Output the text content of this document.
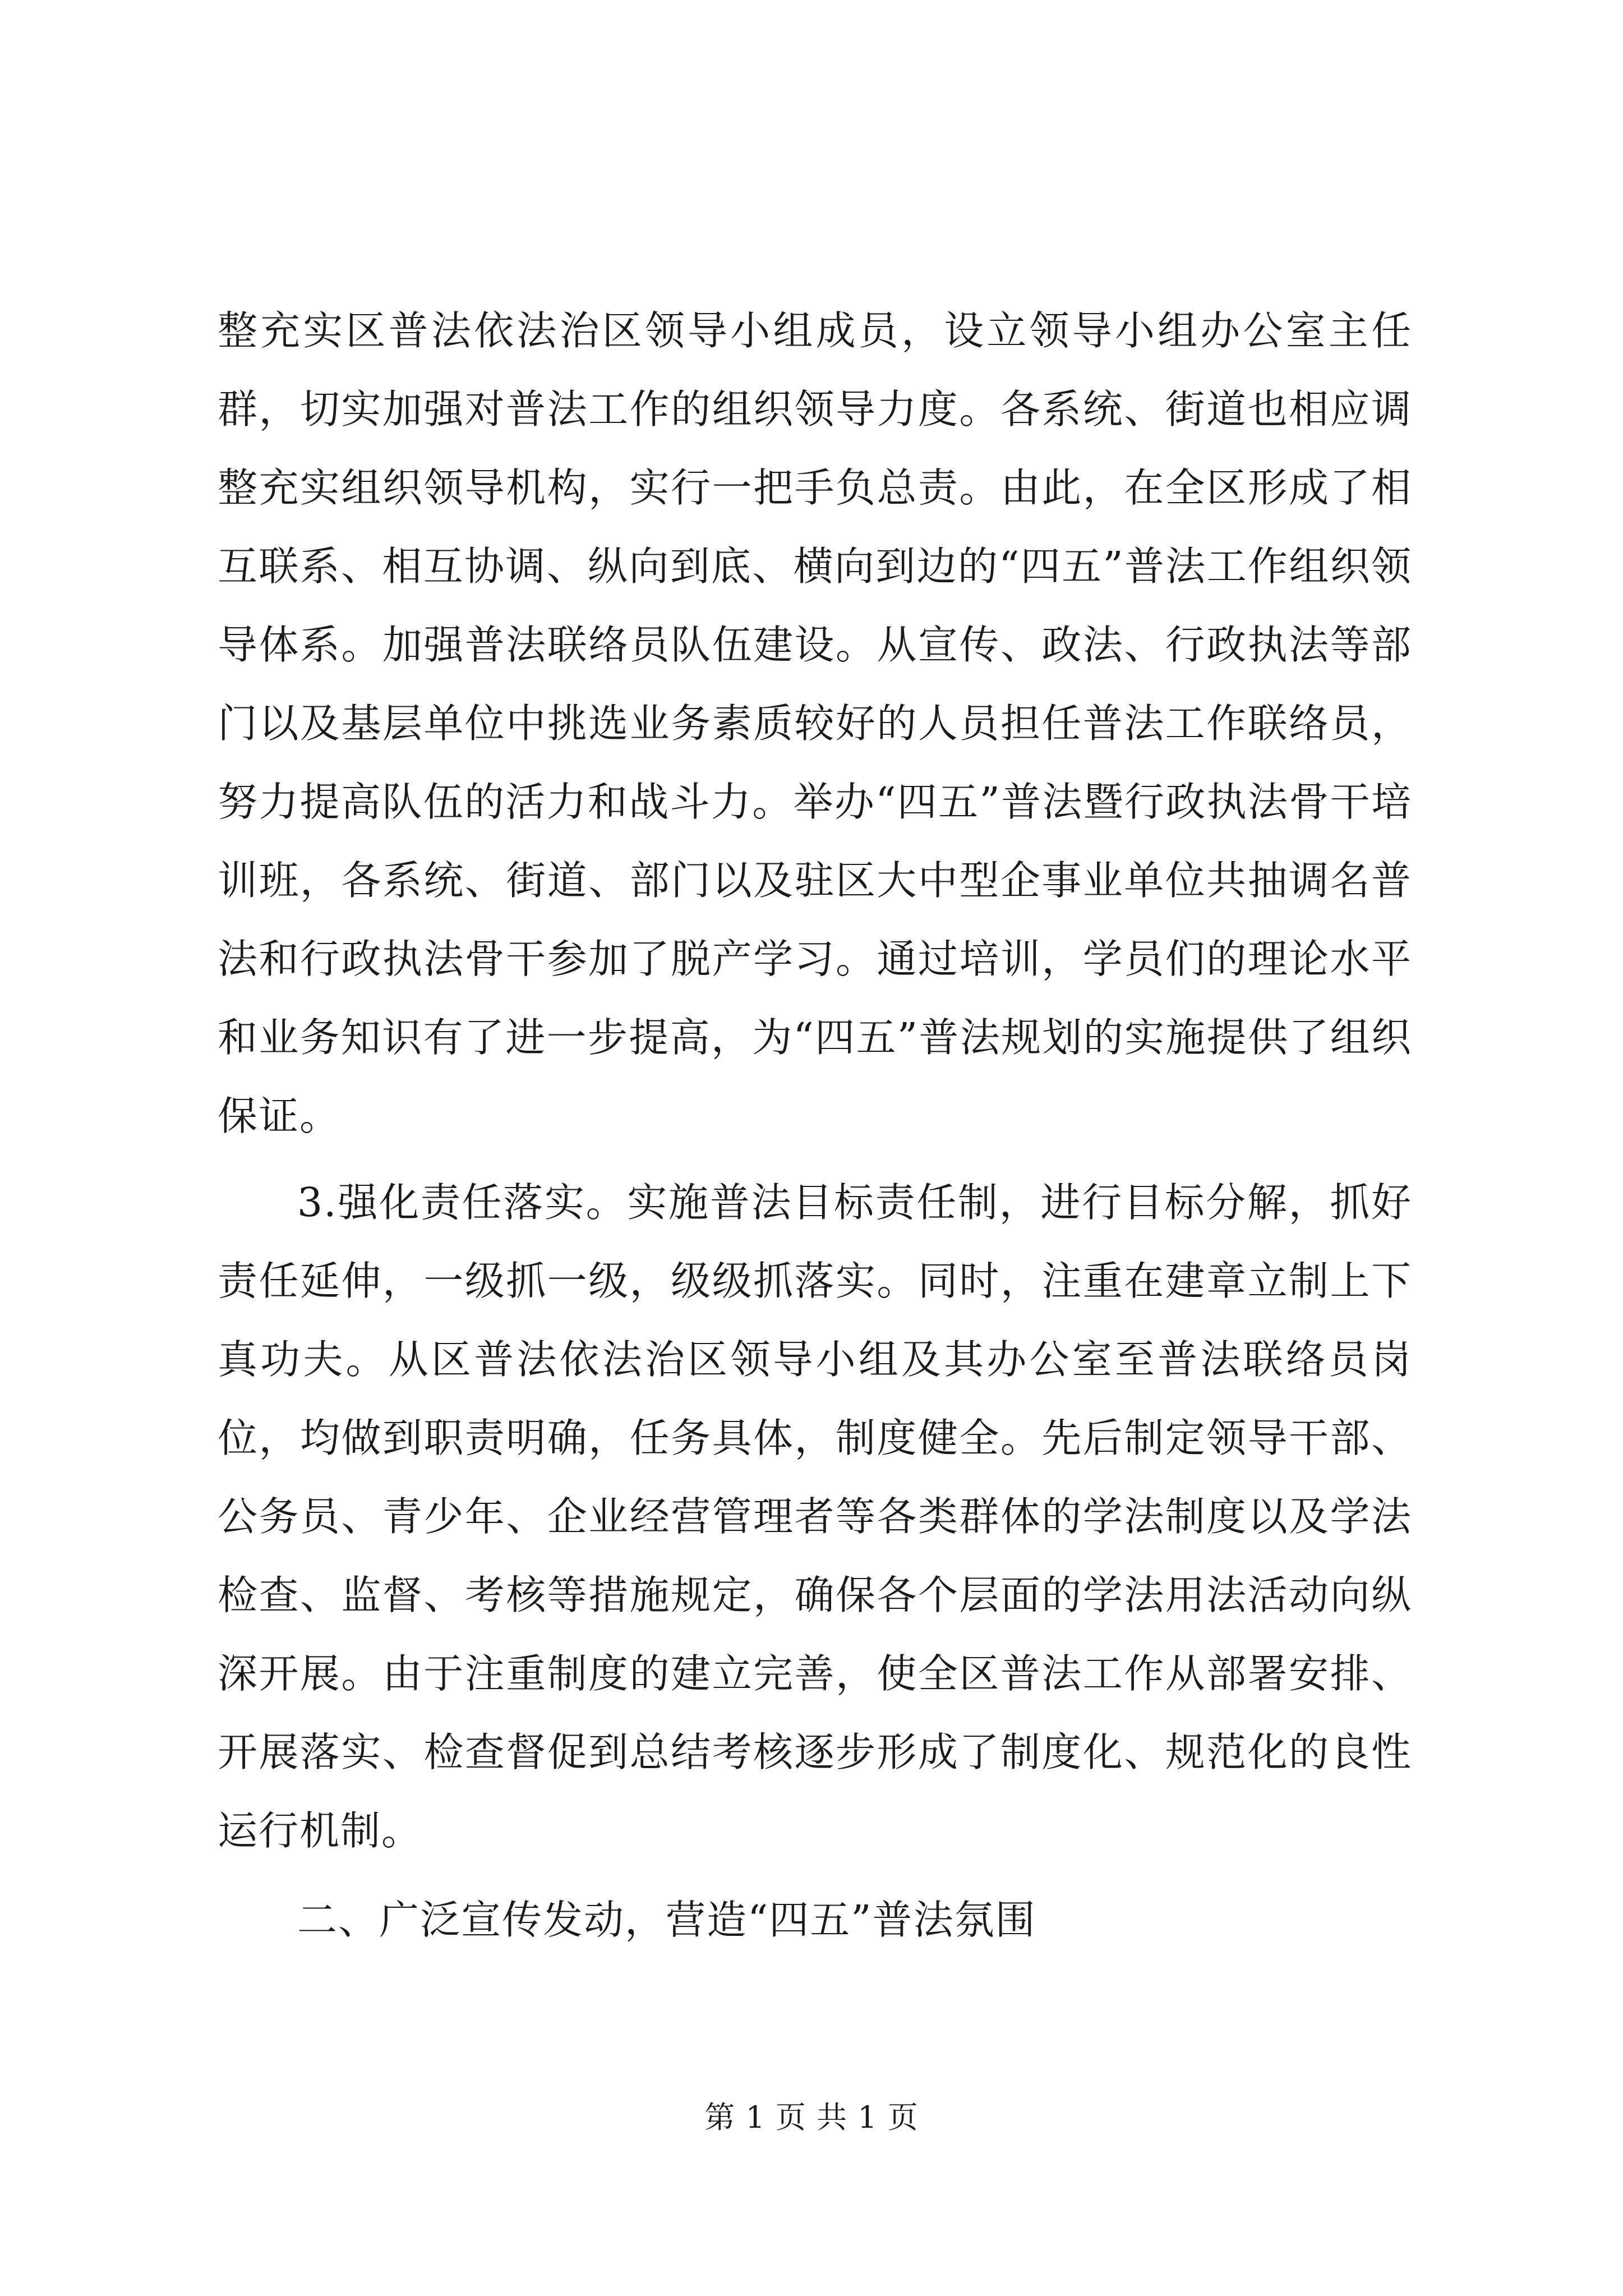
整充实区普法依法治区领导小组成员，设立领导小组办公室主任群，切实加强对普法工作的组织领导力度。各系统、街道也相应调整充实组织领导机构，实行一把手负总责。由此，在全区形成了相互联系、相互协调、纵向到底、横向到边的“四五”普法工作组织领导体系。加强普法联络员队伍建设。从宣传、政法、行政执法等部门以及基层单位中挑选业务素质较好的人员担任普法工作联络员，努力提高队伍的活力和战斗力。举办“四五”普法暨行政执法骨干培训班，各系统、街道、部门以及驻区大中型企事业单位共抽调名普法和行政执法骨干参加了脱产学习。通过培训，学员们的理论水平和业务知识有了进一步提高，为“四五”普法规划的实施提供了组织保证。

3.强化责任落实。实施普法目标责任制，进行目标分解，抓好责任延伸，一级抓一级，级级抓落实。同时，注重在建章立制上下真功夫。从区普法依法治区领导小组及其办公室至普法联络员岗位，均做到职责明确，任务具体，制度健全。先后制定领导干部、公务员、青少年、企业经营管理者等各类群体的学法制度以及学法检查、监督、考核等措施规定，确保各个层面的学法用法活动向纵深开展。由于注重制度的建立完善，使全区普法工作从部署安排、开展落实、检查督促到总结考核逐步形成了制度化、规范化的良性运行机制。

二、广泛宣传发动，营造“四五”普法氛围

第 1 页 共 1 页
